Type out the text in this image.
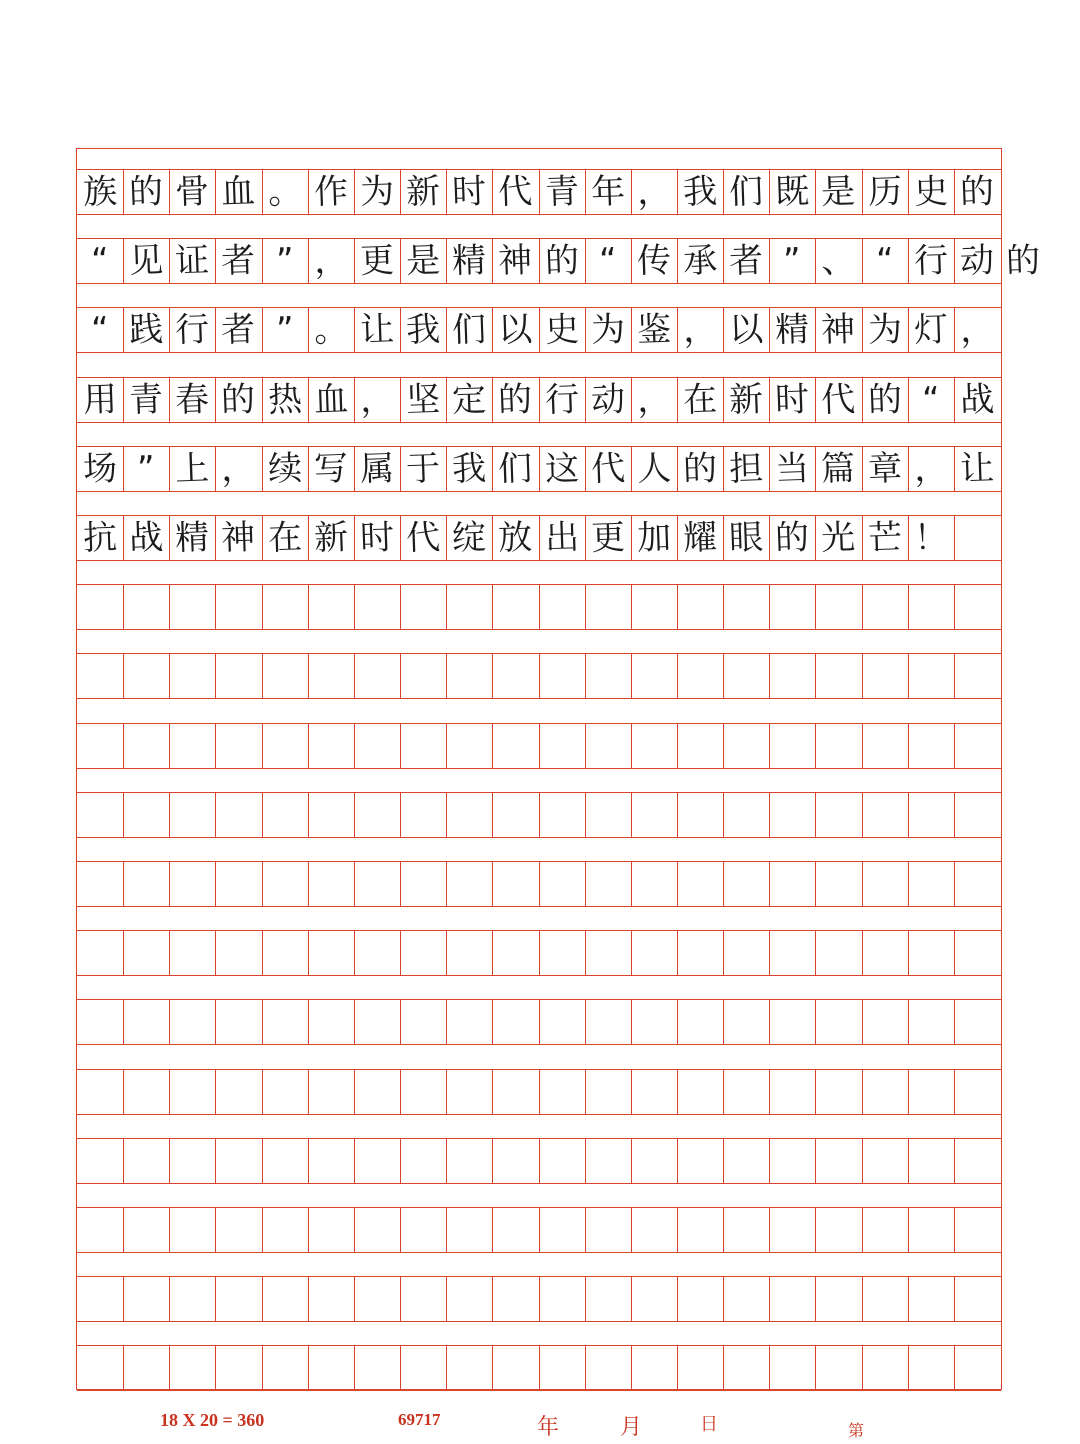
族 的 骨 血 。 作 为 新 时 代 青 年 ， 我 们 既 是 历 史 的
“ 见 证 者 ” ， 更 是 精 神 的 “ 传 承 者 ” 、 “ 行 动 的
“ 践 行 者 ” 。 让 我 们 以 史 为 鉴 ， 以 精 神 为 灯 ，
用 青 春 的 热 血 ， 坚 定 的 行 动 ， 在 新 时 代 的 “ 战
场 ” 上 ， 续 写 属 于 我 们 这 代 人 的 担 当 篇 章 ， 让
抗 战 精 神 在 新 时 代 绽 放 出 更 加 耀 眼 的 光 芒 ！
18 X 20 = 360	69717	年	月	日	第
